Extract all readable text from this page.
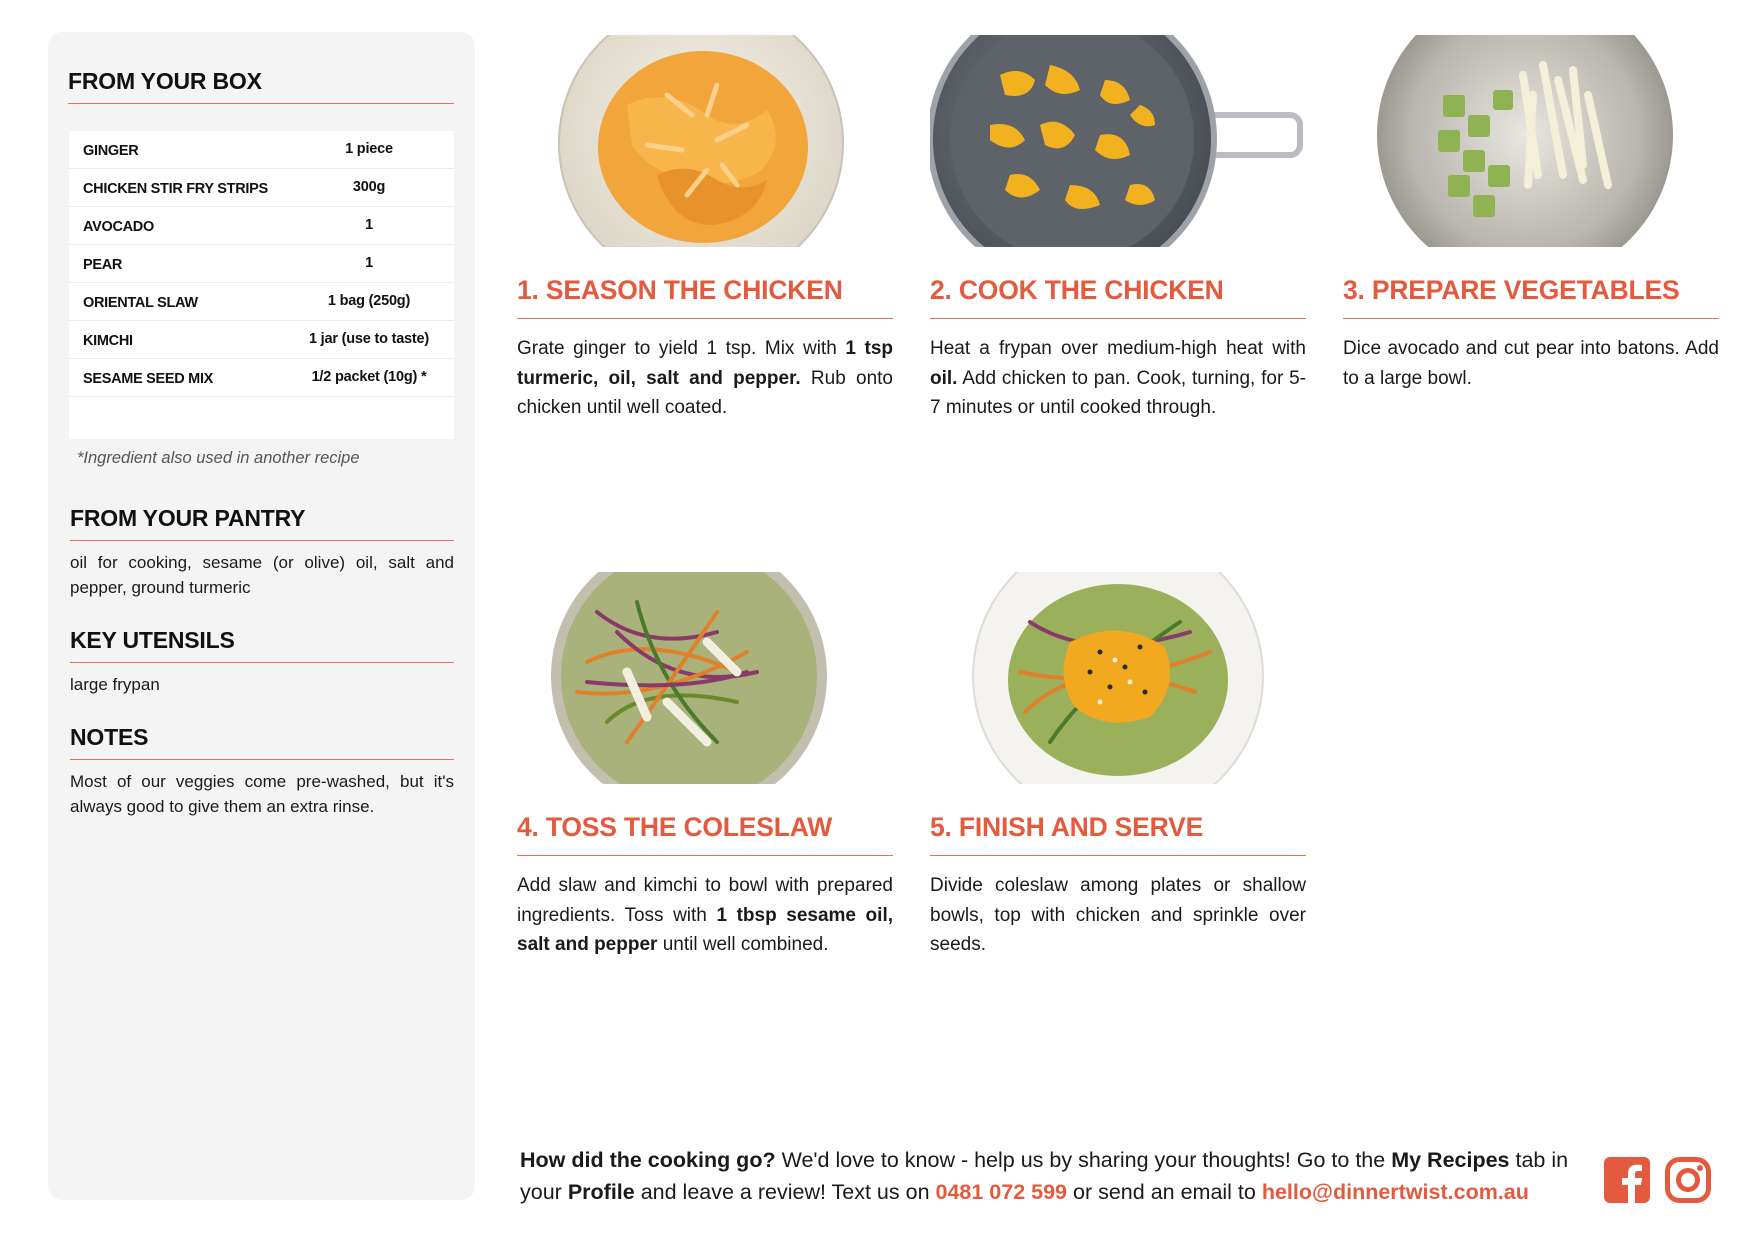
FROM YOUR BOX
GINGER	1 piece
CHICKEN STIR FRY STRIPS	300g
AVOCADO	1
PEAR	1
ORIENTAL SLAW	1 bag (250g)
KIMCHI	1 jar (use to taste)
SESAME SEED MIX	1/2 packet (10g) *
*Ingredient also used in another recipe
FROM YOUR PANTRY
oil for cooking, sesame (or olive) oil, salt and pepper, ground turmeric
KEY UTENSILS
large frypan
NOTES
Most of our veggies come pre-washed, but it's always good to give them an extra rinse.
1. SEASON THE CHICKEN
Grate ginger to yield 1 tsp. Mix with 1 tsp turmeric, oil, salt and pepper. Rub onto chicken until well coated.
2. COOK THE CHICKEN
Heat a frypan over medium-high heat with oil. Add chicken to pan. Cook, turning, for 5-7 minutes or until cooked through.
3. PREPARE VEGETABLES
Dice avocado and cut pear into batons. Add to a large bowl.
4. TOSS THE COLESLAW
Add slaw and kimchi to bowl with prepared ingredients. Toss with 1 tbsp sesame oil, salt and pepper until well combined.
5. FINISH AND SERVE
Divide coleslaw among plates or shallow bowls, top with chicken and sprinkle over seeds.
How did the cooking go? We'd love to know - help us by sharing your thoughts! Go to the My Recipes tab in your Profile and leave a review! Text us on 0481 072 599 or send an email to hello@dinnertwist.com.au
